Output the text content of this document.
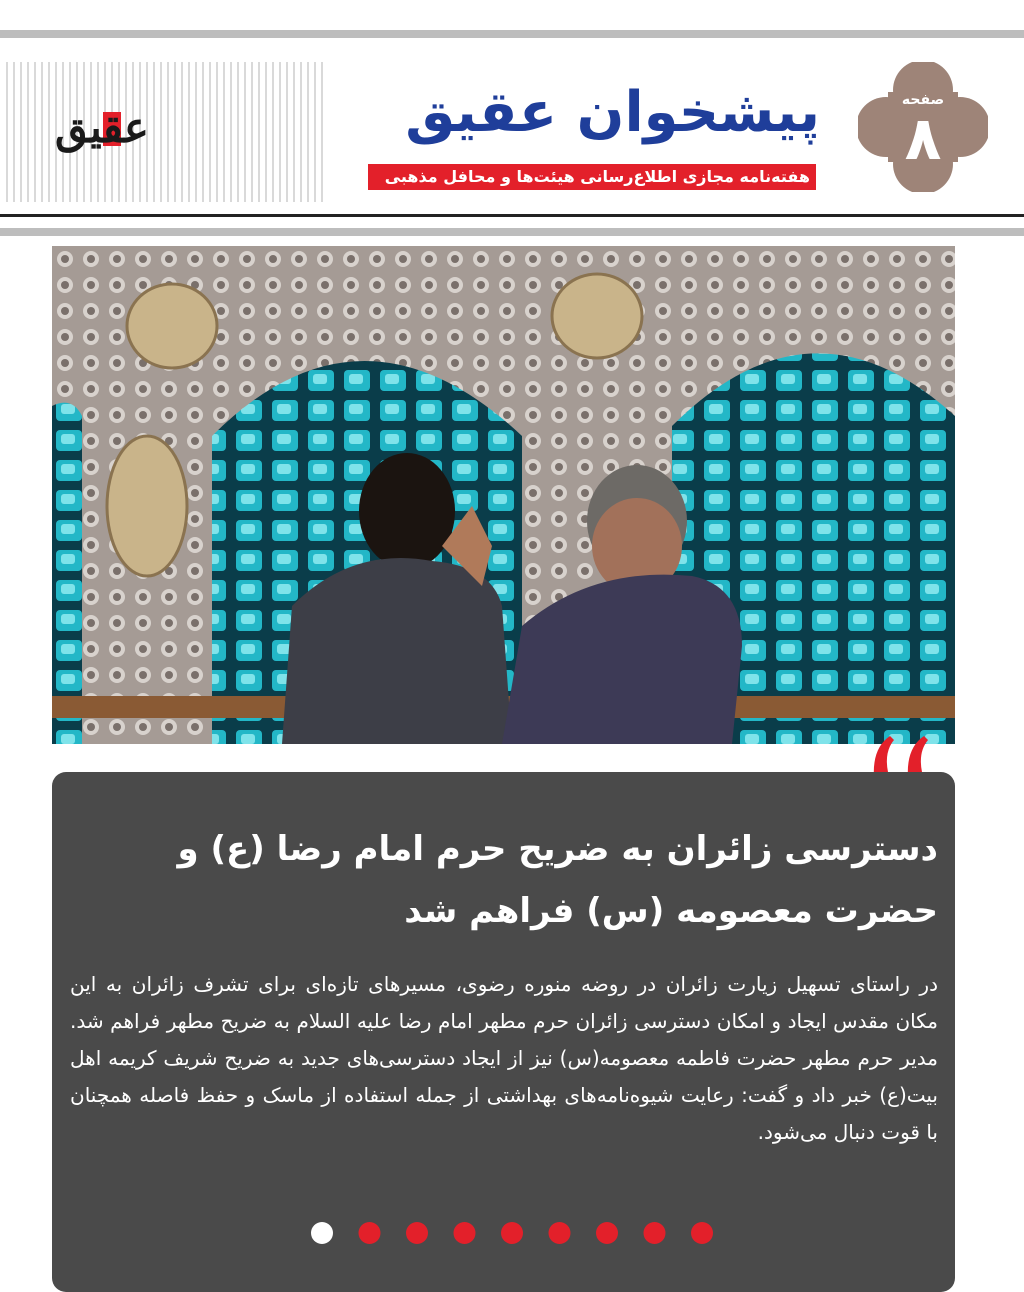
عقیق	پیشخوان عقیق
هفته‌نامه مجازی اطلاع‌رسانی هیئت‌ها و محافل مذهبی
صفحه
۸
دسترسی زائران به ضریح حرم امام رضا (ع) و
حضرت معصومه (س) فراهم شد
در راستای تسهیل زیارت زائران در روضه منوره رضوی، مسیرهای تازه‌ای برای تشرف زائران به این مکان مقدس ایجاد و امکان دسترسی زائران حرم مطهر امام رضا علیه السلام به ضریح مطهر فراهم شد. مدیر حرم مطهر حضرت فاطمه معصومه(س) نیز از ایجاد دسترسی‌های جدید به ضریح شریف کریمه اهل بیت(ع) خبر داد و گفت: رعایت شیوه‌نامه‌های بهداشتی از جمله استفاده از ماسک و حفظ فاصله همچنان با قوت دنبال می‌شود.
